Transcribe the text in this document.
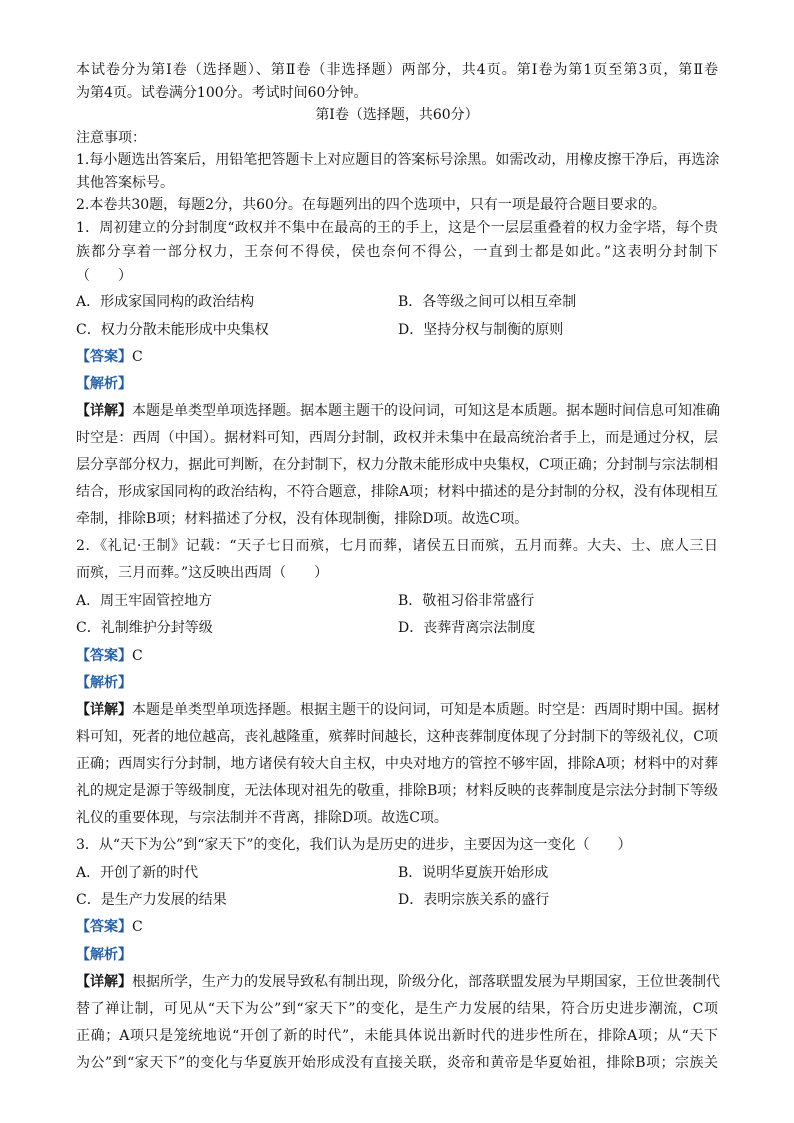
本试卷分为第Ⅰ卷（选择题）、第Ⅱ卷（非选择题）两部分，共4页。第Ⅰ卷为第1页至第3页，第Ⅱ卷
为第4页。试卷满分100分。考试时间60分钟。
第Ⅰ卷（选择题，共60分）
注意事项：
1.每小题选出答案后，用铅笔把答题卡上对应题目的答案标号涂黑。如需改动，用橡皮擦干净后，再选涂
其他答案标号。
2.本卷共30题，每题2分，共60分。在每题列出的四个选项中，只有一项是最符合题目要求的。
1．周初建立的分封制度“政权并不集中在最高的王的手上，这是个一层层重叠着的权力金字塔，每个贵
族都分享着一部分权力，王奈何不得侯，侯也奈何不得公，一直到士都是如此。”这表明分封制下
（　　）
A．形成家国同构的政治结构	B．各等级之间可以相互牵制
C．权力分散未能形成中央集权	D．坚持分权与制衡的原则
【答案】C
【解析】
【详解】本题是单类型单项选择题。据本题主题干的设问词，可知这是本质题。据本题时间信息可知准确
时空是：西周（中国）。据材料可知，西周分封制，政权并未集中在最高统治者手上，而是通过分权，层
层分享部分权力，据此可判断，在分封制下，权力分散未能形成中央集权，C项正确；分封制与宗法制相
结合，形成家国同构的政治结构，不符合题意，排除A项；材料中描述的是分封制的分权，没有体现相互
牵制，排除B项；材料描述了分权，没有体现制衡，排除D项。故选C项。
2．《礼记·王制》记载：“天子七日而殡，七月而葬，诸侯五日而殡，五月而葬。大夫、士、庶人三日
而殡，三月而葬。”这反映出西周（　　）
A．周王牢固管控地方	B．敬祖习俗非常盛行
C．礼制维护分封等级	D．丧葬背离宗法制度
【答案】C
【解析】
【详解】本题是单类型单项选择题。根据主题干的设问词，可知是本质题。时空是：西周时期中国。据材
料可知，死者的地位越高，丧礼越隆重，殡葬时间越长，这种丧葬制度体现了分封制下的等级礼仪，C项
正确；西周实行分封制，地方诸侯有较大自主权，中央对地方的管控不够牢固，排除A项；材料中的对葬
礼的规定是源于等级制度，无法体现对祖先的敬重，排除B项；材料反映的丧葬制度是宗法分封制下等级
礼仪的重要体现，与宗法制并不背离，排除D项。故选C项。
3．从“天下为公”到“家天下”的变化，我们认为是历史的进步，主要因为这一变化（　　）
A．开创了新的时代	B．说明华夏族开始形成
C．是生产力发展的结果	D．表明宗族关系的盛行
【答案】C
【解析】
【详解】根据所学，生产力的发展导致私有制出现，阶级分化，部落联盟发展为早期国家，王位世袭制代
替了禅让制，可见从“天下为公”到“家天下”的变化，是生产力发展的结果，符合历史进步潮流，C项
正确；A项只是笼统地说“开创了新的时代”，未能具体说出新时代的进步性所在，排除A项；从“天下
为公”到“家天下”的变化与华夏族开始形成没有直接关联，炎帝和黄帝是华夏始祖，排除B项；宗族关
